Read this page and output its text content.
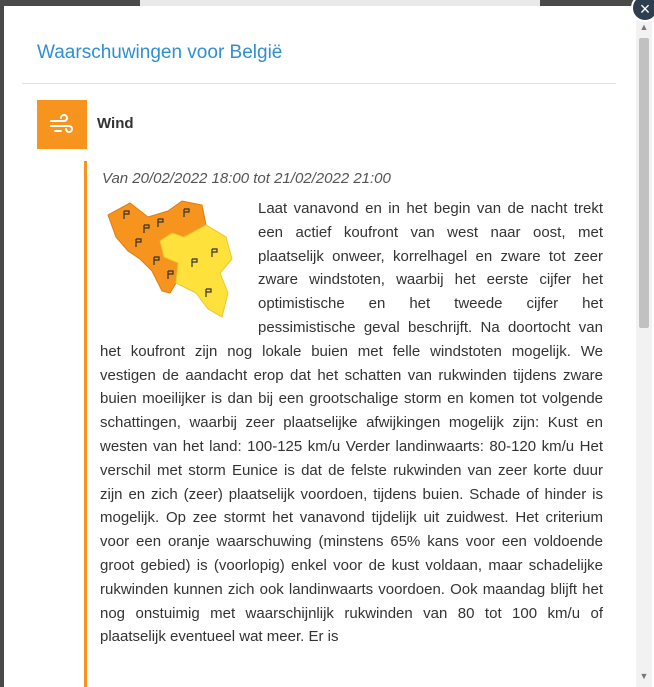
Waarschuwingen voor België
Wind
Van 20/02/2022 18:00 tot 21/02/2022 21:00
Laat vanavond en in het begin van de nacht trekt een actief koufront van west naar oost, met plaatselijk onweer, korrelhagel en zware tot zeer zware windstoten, waarbij het eerste cijfer het optimistische en het tweede cijfer het pessimistische geval beschrijft. Na doortocht van het koufront zijn nog lokale buien met felle windstoten mogelijk. We vestigen de aandacht erop dat het schatten van rukwinden tijdens zware buien moeilijker is dan bij een grootschalige storm en komen tot volgende schattingen, waarbij zeer plaatselijke afwijkingen mogelijk zijn: Kust en westen van het land: 100-125 km/u Verder landinwaarts: 80-120 km/u Het verschil met storm Eunice is dat de felste rukwinden van zeer korte duur zijn en zich (zeer) plaatselijk voordoen, tijdens buien. Schade of hinder is mogelijk. Op zee stormt het vanavond tijdelijk uit zuidwest. Het criterium voor een oranje waarschuwing (minstens 65% kans voor een voldoende groot gebied) is (voorlopig) enkel voor de kust voldaan, maar schadelijke rukwinden kunnen zich ook landinwaarts voordoen. Ook maandag blijft het nog onstuimig met waarschijnlijk rukwinden van 80 tot 100 km/u of plaatselijk eventueel wat meer. Er is
▲
▼
×
